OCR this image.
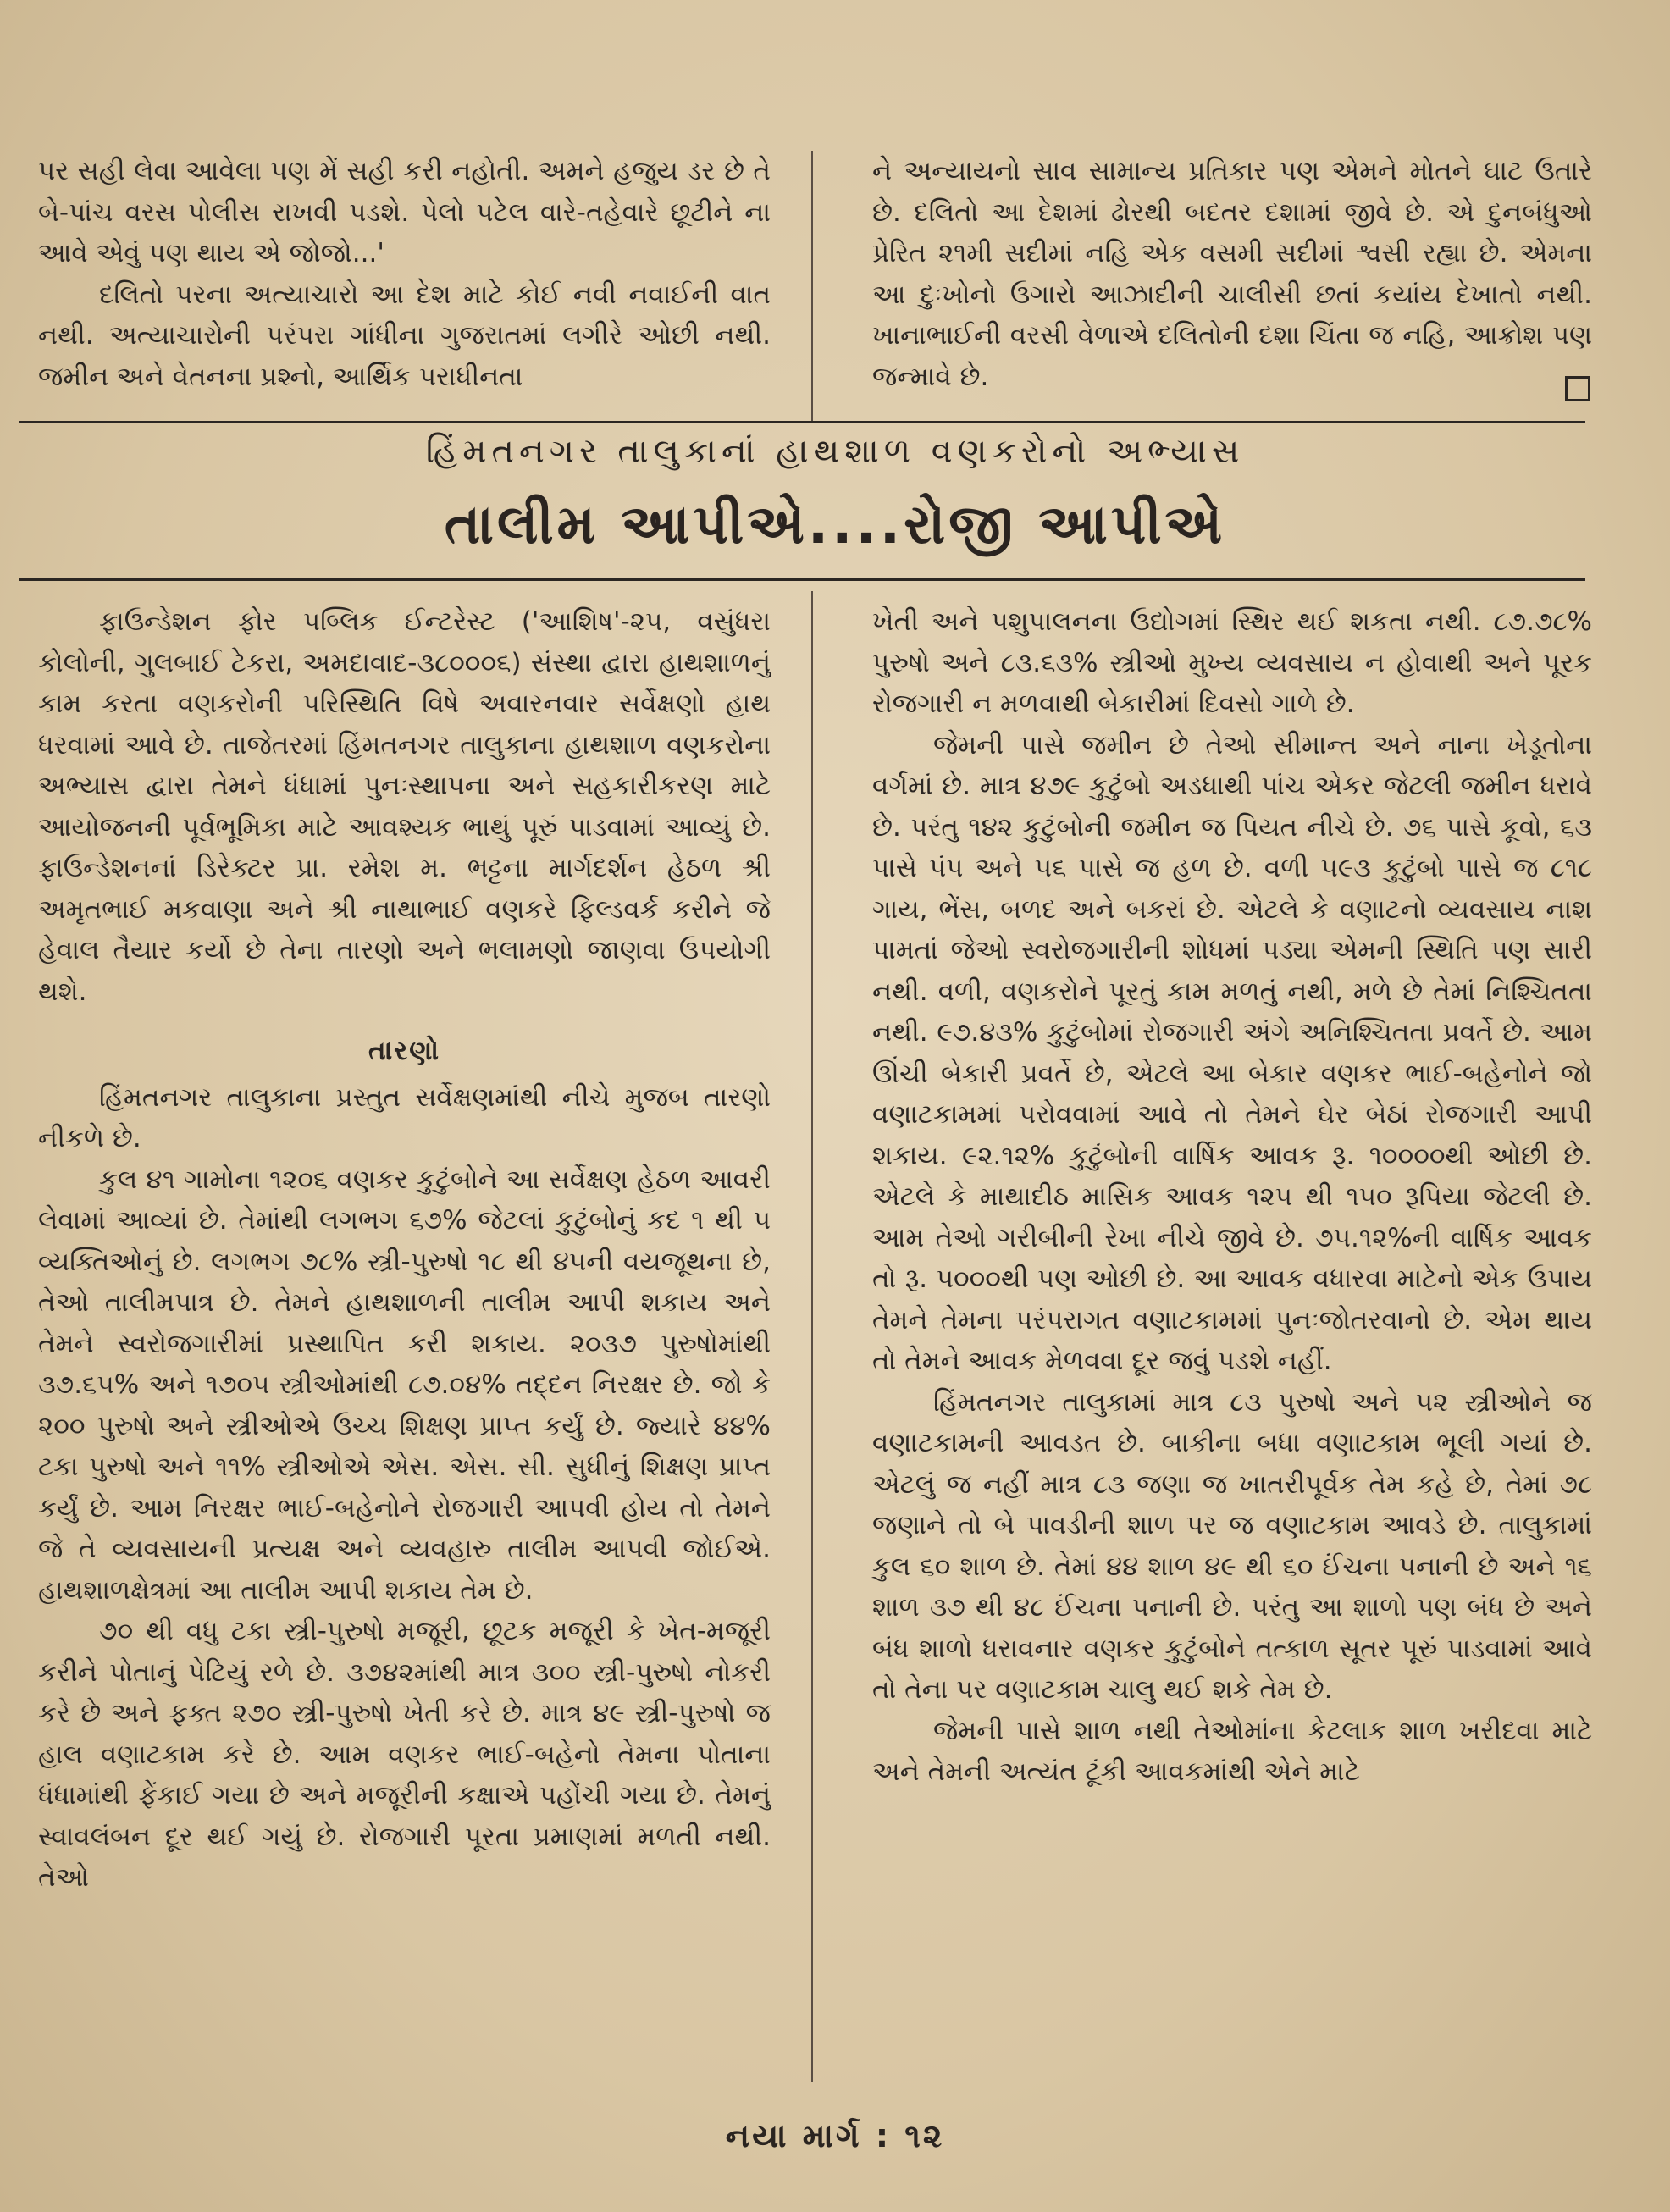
પર સહી લેવા આવેલા પણ મેં સહી કરી નહોતી. અમને હજુય ડર છે તે બે-પાંચ વરસ પોલીસ રાખવી પડશે. પેલો પટેલ વારે-તહેવારે છૂટીને ના આવે એવું પણ થાય એ જોજો...'

દલિતો પરના અત્યાચારો આ દેશ માટે કોઈ નવી નવાઈની વાત નથી. અત્યાચારોની પરંપરા ગાંધીના ગુજરાતમાં લગીરે ઓછી નથી. જમીન અને વેતનના પ્રશ્નો, આર્થિક પરાધીનતા

ને અન્યાયનો સાવ સામાન્ય પ્રતિકાર પણ એમને મોતને ઘાટ ઉતારે છે. દલિતો આ દેશમાં ઢોરથી બદતર દશામાં જીવે છે. એ દુનબંધુઓ પ્રેરિત ૨૧મી સદીમાં નહિ એક વસમી સદીમાં શ્વસી રહ્યા છે. એમના આ દુઃખોનો ઉગારો આઝાદીની ચાલીસી છતાં કયાંય દેખાતો નથી. ખાનાભાઈની વરસી વેળાએ દલિતોની દશા ચિંતા જ નહિ, આક્રોશ પણ જન્માવે છે.

હિંમતનગર તાલુકાનાં હાથશાળ વણકરોનો અભ્યાસ
તાલીમ આપીએ....રોજી આપીએ

ફાઉન્ડેશન ફોર પબ્લિક ઈન્ટરેસ્ટ ('આશિષ'-૨૫, વસુંધરા કોલોની, ગુલબાઈ ટેકરા, અમદાવાદ-૩૮૦૦૦૬) સંસ્થા દ્વારા હાથશાળનું કામ કરતા વણકરોની પરિસ્થિતિ વિષે અવારનવાર સર્વેક્ષણો હાથ ધરવામાં આવે છે. તાજેતરમાં હિંમતનગર તાલુકાના હાથશાળ વણકરોના અભ્યાસ દ્વારા તેમને ધંધામાં પુનઃસ્થાપના અને સહકારીકરણ માટે આયોજનની પૂર્વભૂમિકા માટે આવશ્યક ભાથું પૂરું પાડવામાં આવ્યું છે. ફાઉન્ડેશનનાં ડિરેક્ટર પ્રા. રમેશ મ. ભટ્ટના માર્ગદર્શન હેઠળ શ્રી અમૃતભાઈ મકવાણા અને શ્રી નાથાભાઈ વણકરે ફિલ્ડવર્ક કરીને જે હેવાલ તૈયાર કર્યો છે તેના તારણો અને ભલામણો જાણવા ઉપયોગી થશે.

તારણો

હિંમતનગર તાલુકાના પ્રસ્તુત સર્વેક્ષણમાંથી નીચે મુજબ તારણો નીકળે છે.

કુલ ૪૧ ગામોના ૧૨૦૬ વણકર કુટુંબોને આ સર્વેક્ષણ હેઠળ આવરી લેવામાં આવ્યાં છે. તેમાંથી લગભગ ૬૭% જેટલાં કુટુંબોનું કદ ૧ થી ૫ વ્યક્તિઓનું છે. લગભગ ૭૮% સ્ત્રી-પુરુષો ૧૮ થી ૪૫ની વયજૂથના છે, તેઓ તાલીમપાત્ર છે. તેમને હાથશાળની તાલીમ આપી શકાય અને તેમને સ્વરોજગારીમાં પ્રસ્થાપિત કરી શકાય. ૨૦૩૭ પુરુષોમાંથી ૩૭.૬૫% અને ૧૭૦૫ સ્ત્રીઓમાંથી ૮૭.૦૪% તદ્દન નિરક્ષર છે. જો કે ૨૦૦ પુરુષો અને સ્ત્રીઓએ ઉચ્ચ શિક્ષણ પ્રાપ્ત કર્યું છે. જ્યારે ૪૪% ટકા પુરુષો અને ૧૧% સ્ત્રીઓએ એસ. એસ. સી. સુધીનું શિક્ષણ પ્રાપ્ત કર્યું છે. આમ નિરક્ષર ભાઈ-બહેનોને રોજગારી આપવી હોય તો તેમને જે તે વ્યવસાયની પ્રત્યક્ષ અને વ્યવહારુ તાલીમ આપવી જોઈએ. હાથશાળક્ષેત્રમાં આ તાલીમ આપી શકાય તેમ છે.

૭૦ થી વધુ ટકા સ્ત્રી-પુરુષો મજૂરી, છૂટક મજૂરી કે ખેત-મજૂરી કરીને પોતાનું પેટિયું રળે છે. ૩૭૪૨માંથી માત્ર ૩૦૦ સ્ત્રી-પુરુષો નોકરી કરે છે અને ફક્ત ૨૭૦ સ્ત્રી-પુરુષો ખેતી કરે છે. માત્ર ૪૯ સ્ત્રી-પુરુષો જ હાલ વણાટકામ કરે છે. આમ વણકર ભાઈ-બહેનો તેમના પોતાના ધંધામાંથી ફેંકાઈ ગયા છે અને મજૂરીની કક્ષાએ પહોંચી ગયા છે. તેમનું સ્વાવલંબન દૂર થઈ ગયું છે. રોજગારી પૂરતા પ્રમાણમાં મળતી નથી. તેઓ

ખેતી અને પશુપાલનના ઉદ્યોગમાં સ્થિર થઈ શકતા નથી. ૮૭.૭૮% પુરુષો અને ૮૩.૬૩% સ્ત્રીઓ મુખ્ય વ્યવસાય ન હોવાથી અને પૂરક રોજગારી ન મળવાથી બેકારીમાં દિવસો ગાળે છે.

જેમની પાસે જમીન છે તેઓ સીમાન્ત અને નાના ખેડૂતોના વર્ગમાં છે. માત્ર ૪૭૯ કુટુંબો અડધાથી પાંચ એકર જેટલી જમીન ધરાવે છે. પરંતુ ૧૪૨ કુટુંબોની જમીન જ પિયત નીચે છે. ૭૬ પાસે કૂવો, ૬૩ પાસે પંપ અને ૫૬ પાસે જ હળ છે. વળી ૫૯૩ કુટુંબો પાસે જ ૮૧૮ ગાય, ભેંસ, બળદ અને બકરાં છે. એટલે કે વણાટનો વ્યવસાય નાશ પામતાં જેઓ સ્વરોજગારીની શોધમાં પડ્યા એમની સ્થિતિ પણ સારી નથી. વળી, વણકરોને પૂરતું કામ મળતું નથી, મળે છે તેમાં નિશ્ચિતતા નથી. ૯૭.૪૩% કુટુંબોમાં રોજગારી અંગે અનિશ્ચિતતા પ્રવર્તે છે. આમ ઊંચી બેકારી પ્રવર્તે છે, એટલે આ બેકાર વણકર ભાઈ-બહેનોને જો વણાટકામમાં પરોવવામાં આવે તો તેમને ઘેર બેઠાં રોજગારી આપી શકાય. ૯૨.૧૨% કુટુંબોની વાર્ષિક આવક રૂ. ૧૦૦૦૦થી ઓછી છે. એટલે કે માથાદીઠ માસિક આવક ૧૨૫ થી ૧૫૦ રૂપિયા જેટલી છે. આમ તેઓ ગરીબીની રેખા નીચે જીવે છે. ૭૫.૧૨%ની વાર્ષિક આવક તો રૂ. ૫૦૦૦થી પણ ઓછી છે. આ આવક વધારવા માટેનો એક ઉપાય તેમને તેમના પરંપરાગત વણાટકામમાં પુનઃજોતરવાનો છે. એમ થાય તો તેમને આવક મેળવવા દૂર જવું પડશે નહીં.

હિંમતનગર તાલુકામાં માત્ર ૮૩ પુરુષો અને ૫૨ સ્ત્રીઓને જ વણાટકામની આવડત છે. બાકીના બધા વણાટકામ ભૂલી ગયાં છે. એટલું જ નહીં માત્ર ૮૩ જણા જ ખાતરીપૂર્વક તેમ કહે છે, તેમાં ૭૮ જણાને તો બે પાવડીની શાળ પર જ વણાટકામ આવડે છે. તાલુકામાં કુલ ૬૦ શાળ છે. તેમાં ૪૪ શાળ ૪૯ થી ૬૦ ઈંચના પનાની છે અને ૧૬ શાળ ૩૭ થી ૪૮ ઈંચના પનાની છે. પરંતુ આ શાળો પણ બંધ છે અને બંધ શાળો ધરાવનાર વણકર કુટુંબોને તત્કાળ સૂતર પૂરું પાડવામાં આવે તો તેના પર વણાટકામ ચાલુ થઈ શકે તેમ છે.

જેમની પાસે શાળ નથી તેઓમાંના કેટલાક શાળ ખરીદવા માટે અને તેમની અત્યંત ટૂંકી આવકમાંથી એને માટે

નયા માર્ગ : ૧૨
